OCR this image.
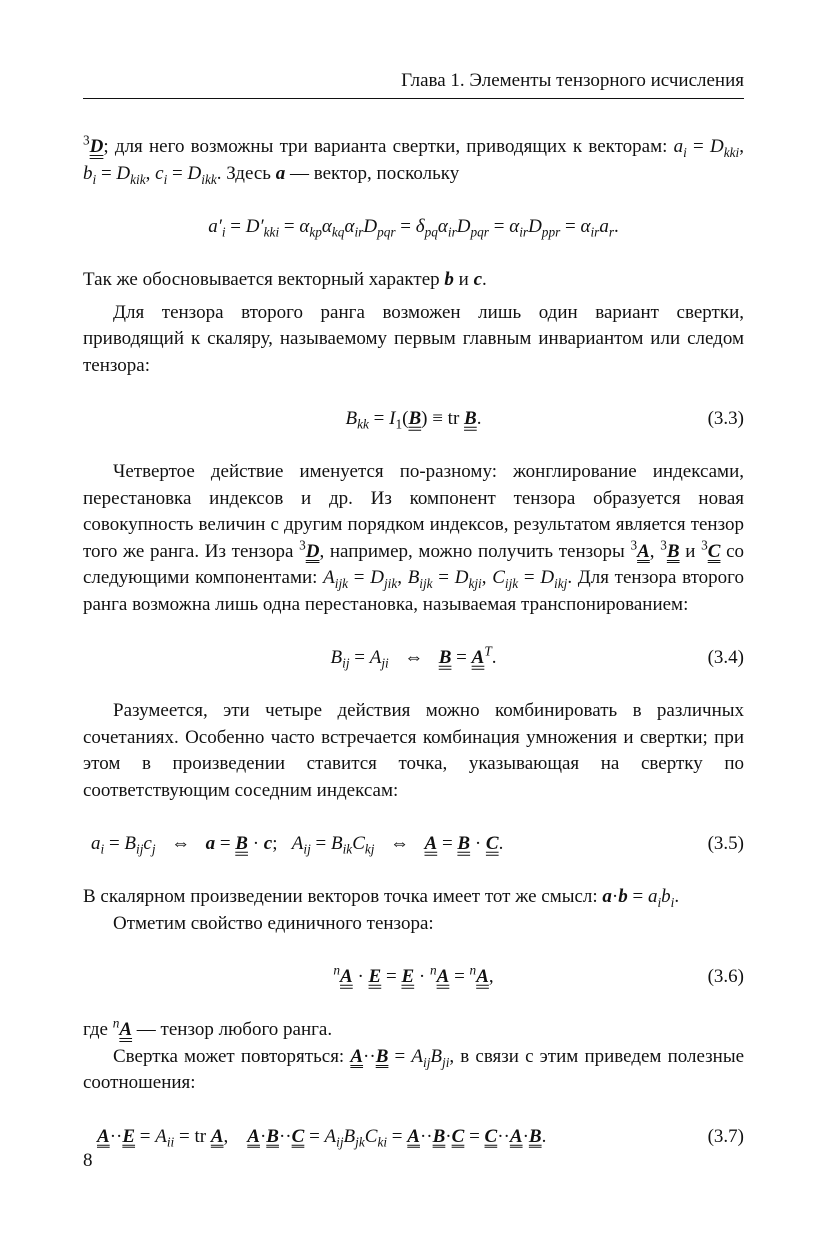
Глава 1. Элементы тензорного исчисления

$^3$D; для него возможны три варианта свертки, приводящих к векторам: $a_i = D_{kki}$, $b_i = D_{kik}$, $c_i = D_{ikk}$. Здесь a — вектор, поскольку

$a'_i = D'_{kki} = \alpha_{kp}\alpha_{kq}\alpha_{ir}D_{pqr} = \delta_{pq}\alpha_{ir}D_{pqr} = \alpha_{ir}D_{ppr} = \alpha_{ir}a_r$.

Так же обосновывается векторный характер b и c.

Для тензора второго ранга возможен лишь один вариант свертки, приводящий к скаляру, называемому первым главным инвариантом или следом тензора:

$B_{kk} = I_1(B)$ ≡ tr B.	(3.3)

Четвертое действие именуется по-разному: жонглирование индексами, перестановка индексов и др. Из компонент тензора образуется новая совокупность величин с другим порядком индексов, результатом является тензор того же ранга. Из тензора $^3$D, например, можно получить тензоры $^3$A, $^3$B и $^3$C со следующими компонентами: $A_{ijk} = D_{jik}$, $B_{ijk} = D_{kji}$, $C_{ijk} = D_{ikj}$. Для тензора второго ранга возможна лишь одна перестановка, называемая транспонированием:

$B_{ij} = A_{ji}$  ⇔  $B = A^T$.	(3.4)

Разумеется, эти четыре действия можно комбинировать в различных сочетаниях. Особенно часто встречается комбинация умножения и свертки; при этом в произведении ставится точка, указывающая на свертку по соответствующим соседним индексам:

$a_i = B_{ij}c_j$  ⇔  a = B · c;   $A_{ij} = B_{ik}C_{kj}$  ⇔  A = B · C.	(3.5)

В скалярном произведении векторов точка имеет тот же смысл: $a\cdot b = a_ib_i$.

Отметим свойство единичного тензора:

$^n$A · E = E · $^n$A = $^n$A,	(3.6)

где $^n$A — тензор любого ранга.

Свертка может повторяться: $A\cdot\cdot B = A_{ij}B_{ji}$, в связи с этим приведем полезные соотношения:

$A\cdot\cdot E = A_{ii}$ = tr A,    $A\cdot B\cdot\cdot C = A_{ij}B_{jk}C_{ki} = A\cdot\cdot B\cdot C = C\cdot\cdot A\cdot B$.	(3.7)
8
